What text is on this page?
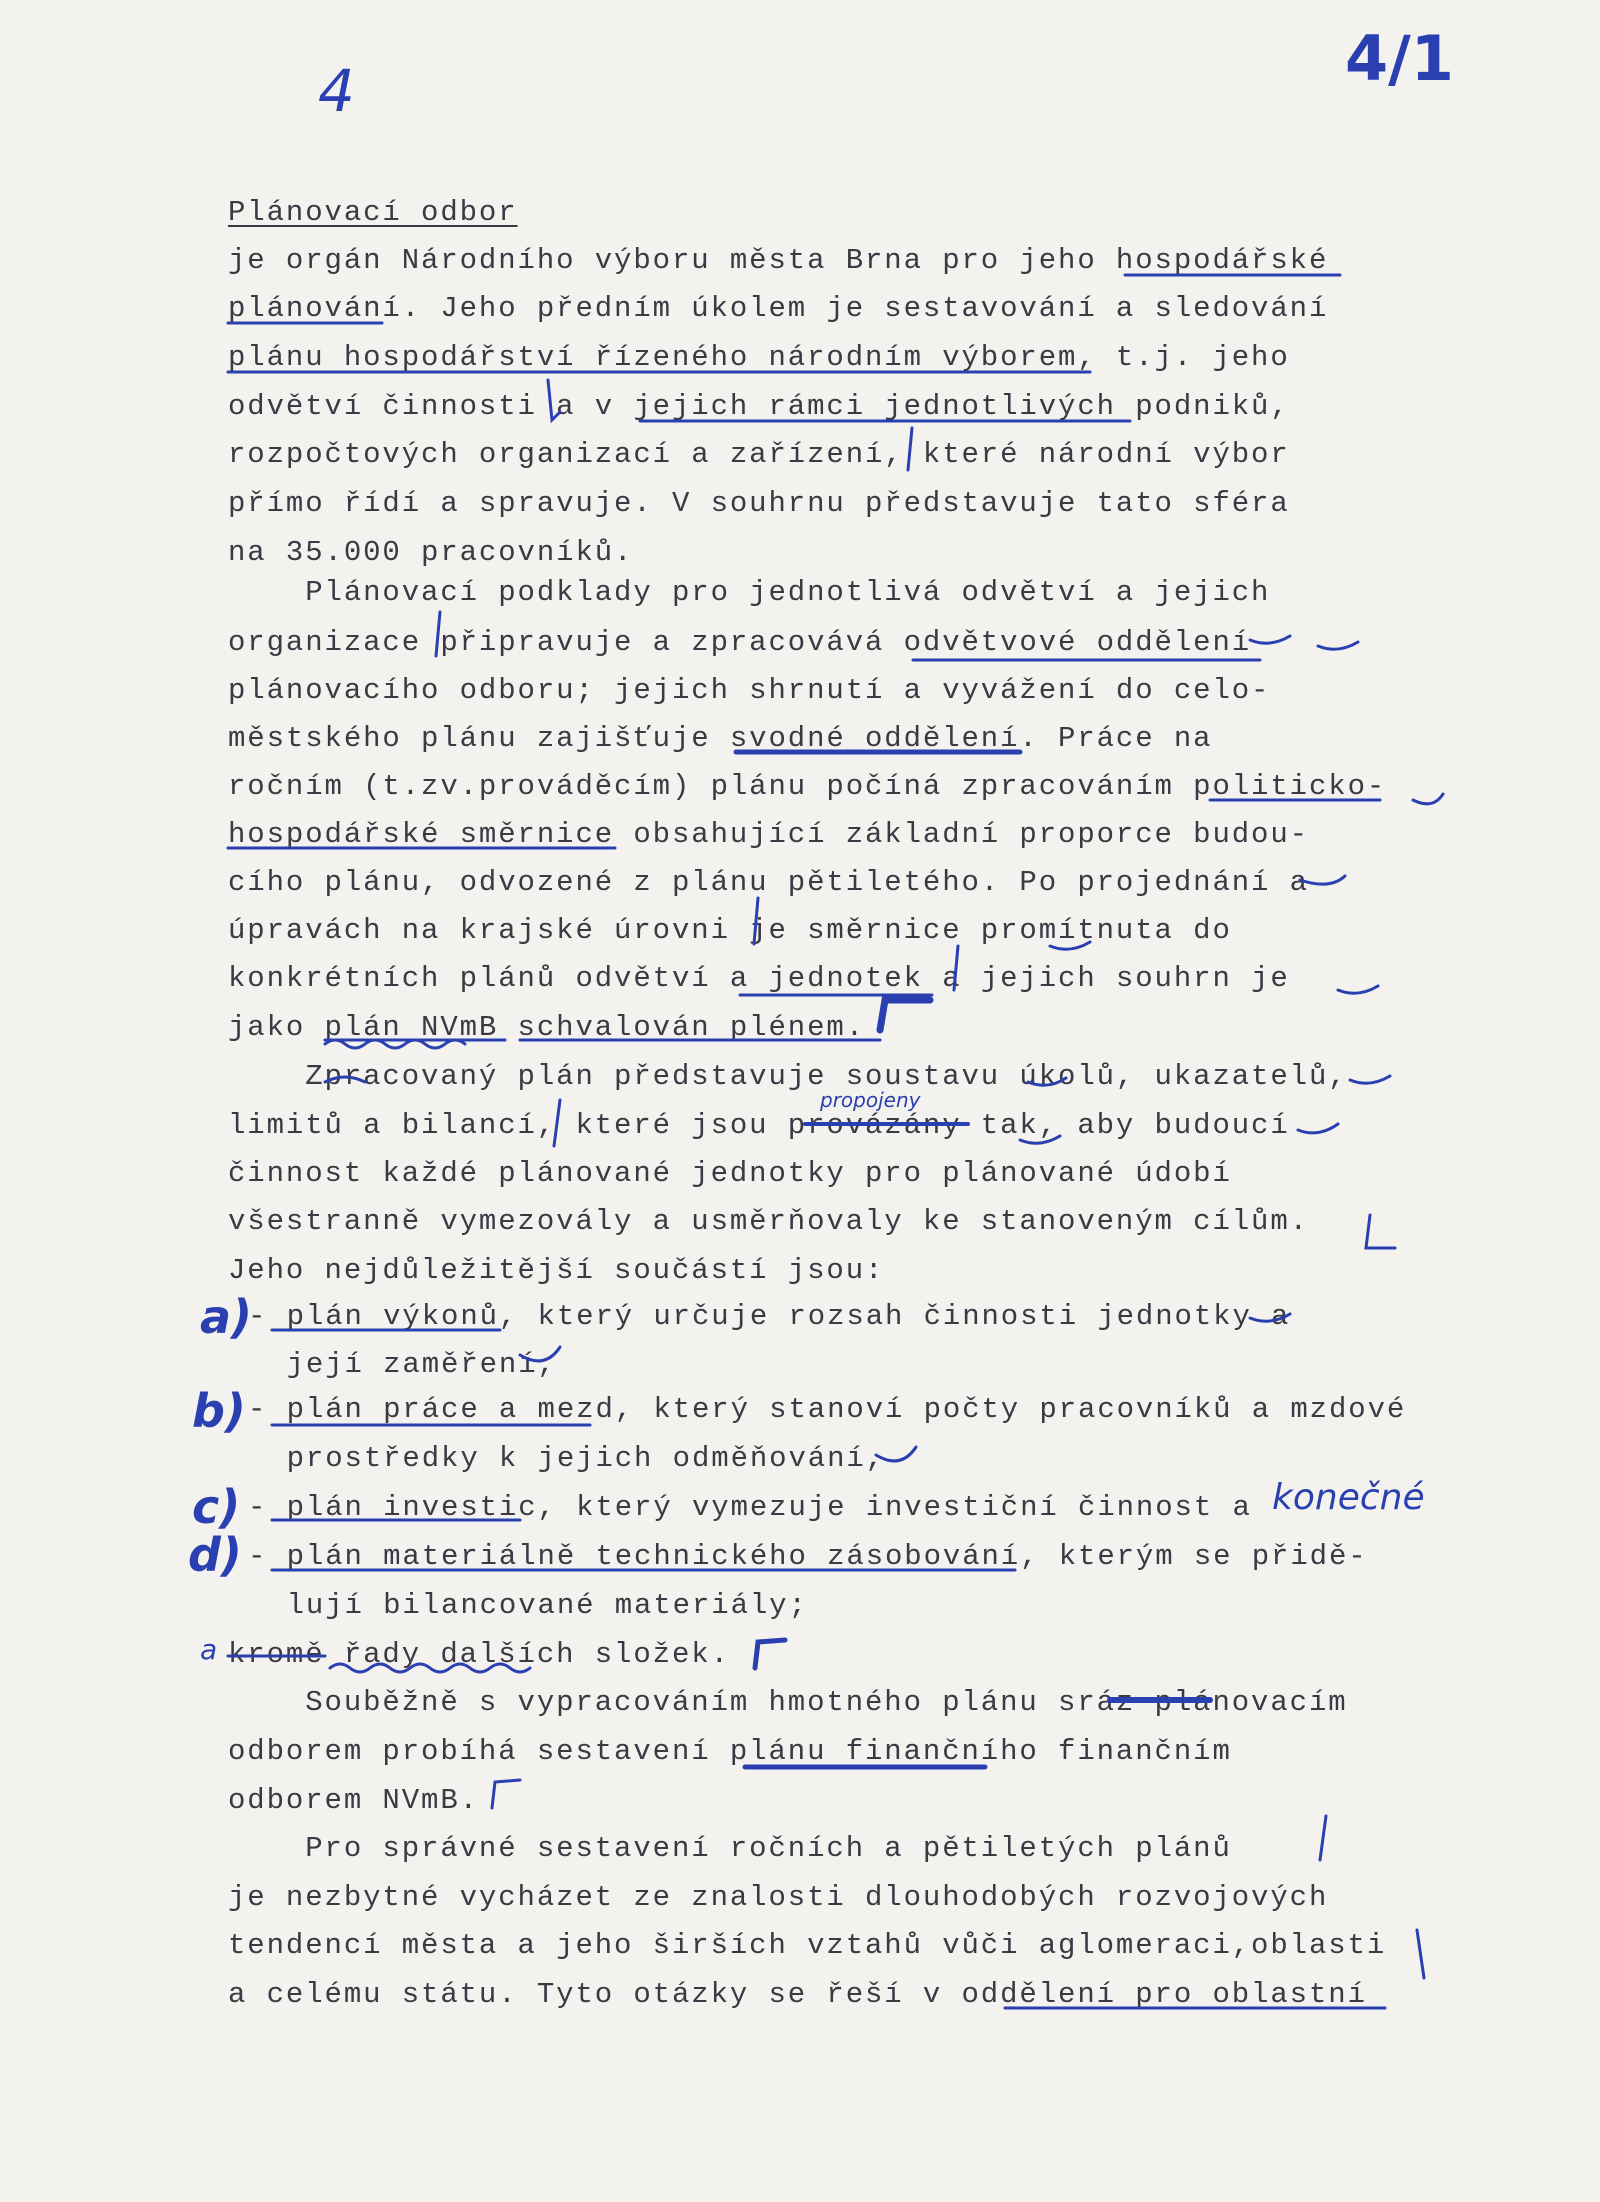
4	4/1
Plánovací odbor
je orgán Národního výboru města Brna pro jeho hospodářské
plánování. Jeho předním úkolem je sestavování a sledování
plánu hospodářství řízeného národním výborem, t.j. jeho
odvětví činnosti a v jejich rámci jednotlivých podniků,
rozpočtových organizací a zařízení, které národní výbor
přímo řídí a spravuje. V souhrnu představuje tato sféra
na 35.000 pracovníků.
Plánovací podklady pro jednotlivá odvětví a jejich
organizace připravuje a zpracovává odvětvové oddělení
plánovacího odboru; jejich shrnutí a vyvážení do celo-
městského plánu zajišťuje svodné oddělení. Práce na
ročním (t.zv.prováděcím) plánu počíná zpracováním politicko-
hospodářské směrnice obsahující základní proporce budou-
cího plánu, odvozené z plánu pětiletého. Po projednání a
úpravách na krajské úrovni je směrnice promítnuta do
konkrétních plánů odvětví a jednotek a jejich souhrn je
jako plán NVmB schvalován plénem.
Zpracovaný plán představuje soustavu úkolů, ukazatelů,
limitů a bilancí, které jsou provázány tak, aby budoucí
činnost každé plánované jednotky pro plánované údobí
všestranně vymezovály a usměrňovaly ke stanoveným cílům.
Jeho nejdůležitější součástí jsou:
- plán výkonů, který určuje rozsah činnosti jednotky a
její zaměření,
- plán práce a mezd, který stanoví počty pracovníků a mzdové
prostředky k jejich odměňování,
- plán investic, který vymezuje investiční činnost a
- plán materiálně technického zásobování, kterým se přidě-
lují bilancované materiály;
kromě řady dalších složek.
Souběžně s vypracováním hmotného plánu sráz plánovacím
odborem probíhá sestavení plánu finančního finančním
odborem NVmB.
Pro správné sestavení ročních a pětiletých plánů
je nezbytné vycházet ze znalosti dlouhodobých rozvojových
tendencí města a jeho širších vztahů vůči aglomeraci,oblasti
a celému státu. Tyto otázky se řeší v oddělení pro oblastní
propojeny
konečné
a
a)
b)
c)
d)
